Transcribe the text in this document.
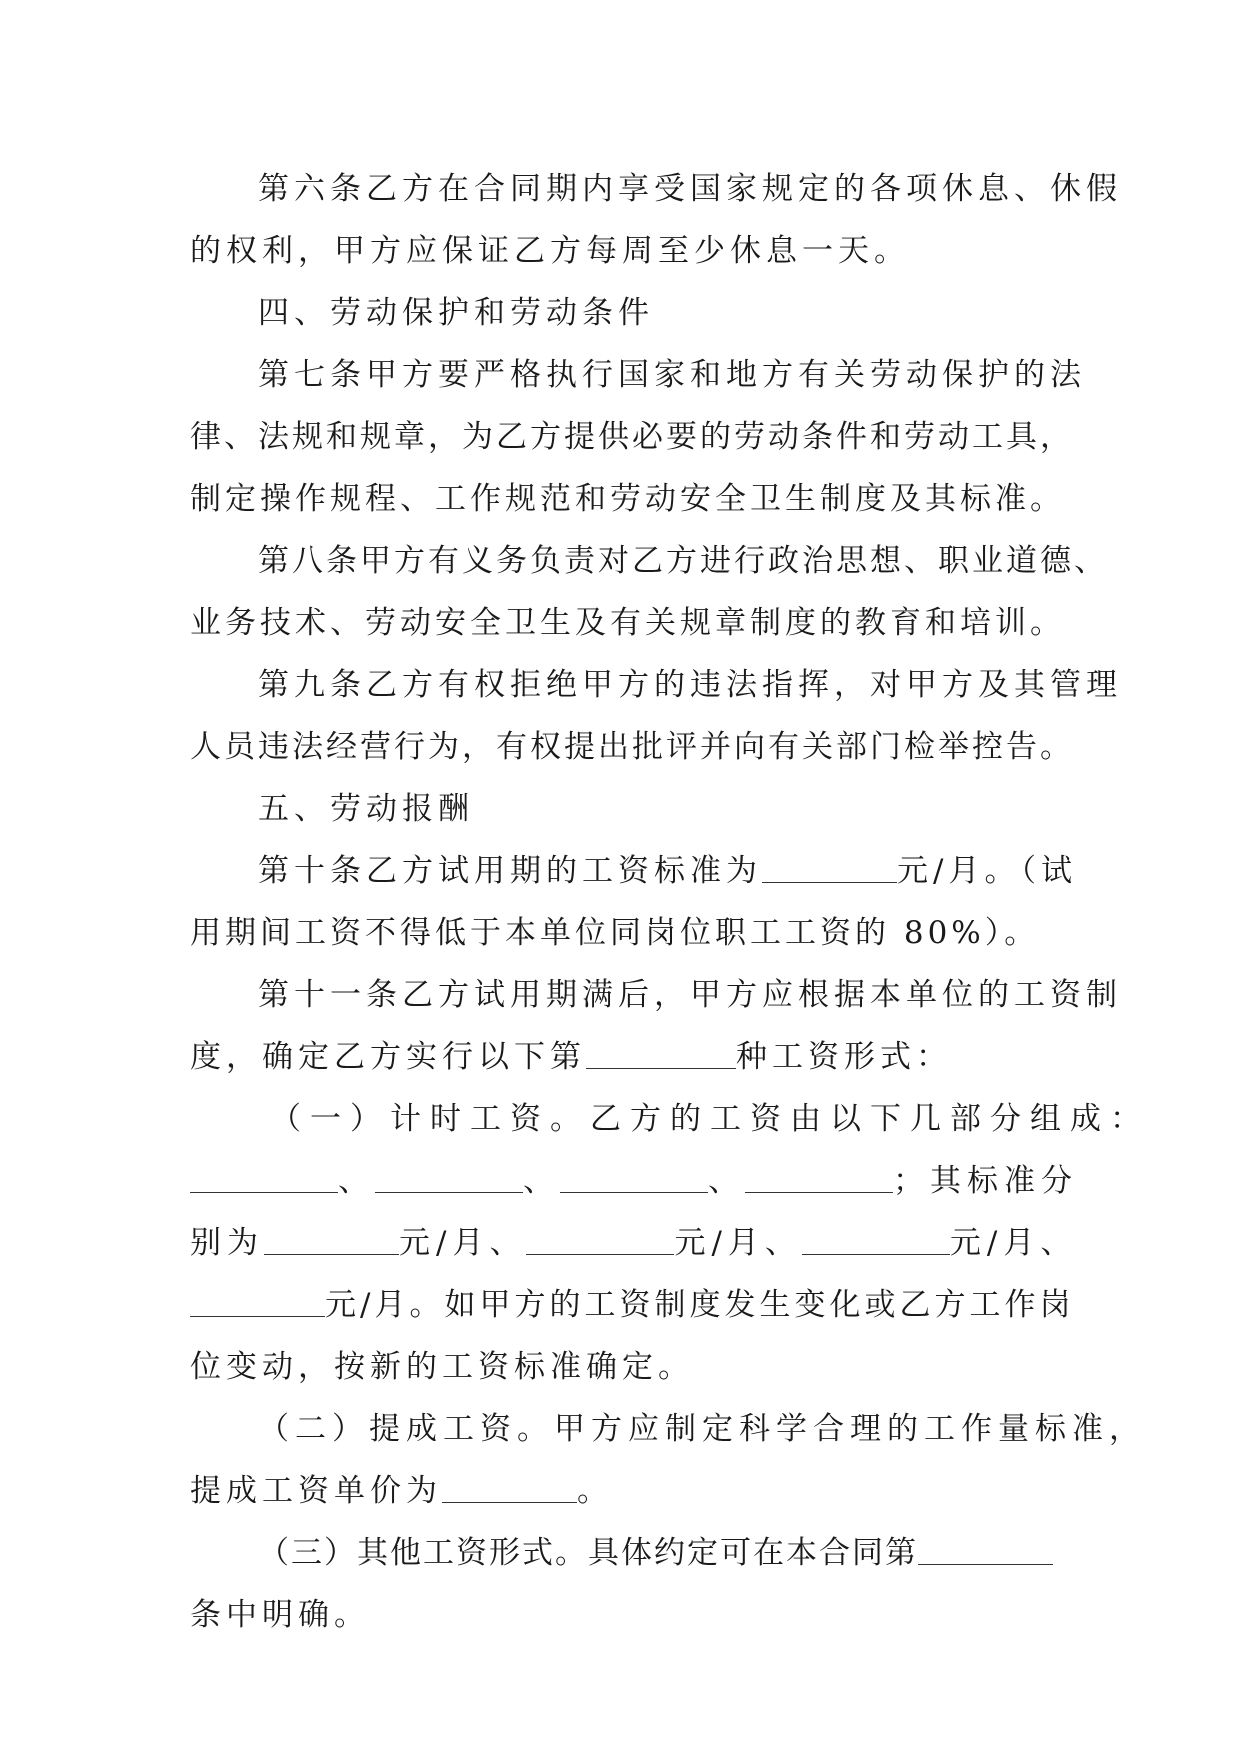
第六条乙方在合同期内享受国家规定的各项休息、休假
的权利，甲方应保证乙方每周至少休息一天。
四、劳动保护和劳动条件
第七条甲方要严格执行国家和地方有关劳动保护的法
律、法规和规章，为乙方提供必要的劳动条件和劳动工具，
制定操作规程、工作规范和劳动安全卫生制度及其标准。
第八条甲方有义务负责对乙方进行政治思想、职业道德、
业务技术、劳动安全卫生及有关规章制度的教育和培训。
第九条乙方有权拒绝甲方的违法指挥，对甲方及其管理
人员违法经营行为，有权提出批评并向有关部门检举控告。
五、劳动报酬
第十条乙方试用期的工资标准为	元/月。（试
用期间工资不得低于本单位同岗位职工工资的 80%）。
第十一条乙方试用期满后，甲方应根据本单位的工资制
度，确定乙方实行以下第	种工资形式：
（一）计时工资。乙方的工资由以下几部分组成：
、	、	、	；其标准分
别为	元/月、	元/月、	元/月、
元/月。如甲方的工资制度发生变化或乙方工作岗
位变动，按新的工资标准确定。
（二）提成工资。甲方应制定科学合理的工作量标准，
提成工资单价为	。
（三）其他工资形式。具体约定可在本合同第
条中明确。
